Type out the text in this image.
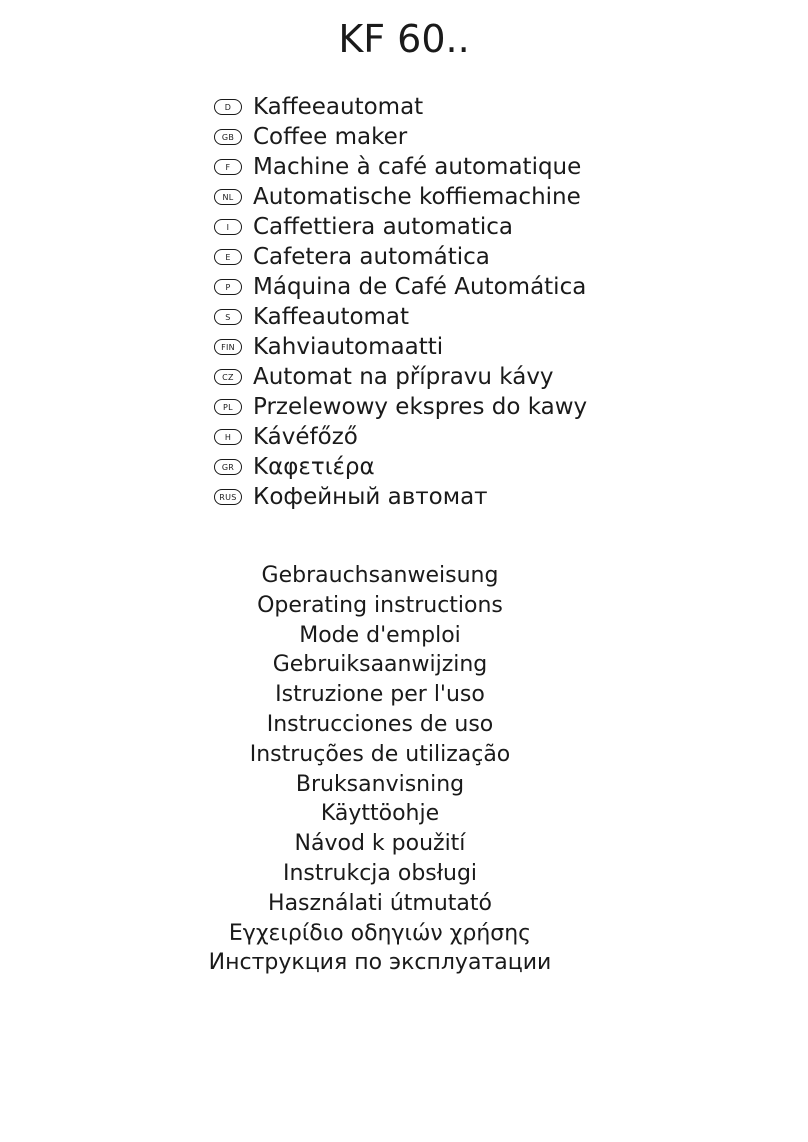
KF 60..
D Kaffeeautomat
GB Coffee maker
F Machine à café automatique
NL Automatische koffiemachine
I	Caffettiera automatica
E Cafetera automática
P Máquina de Café Automática
S Kaffeautomat
FIN Kahviautomaatti
CZ Automat na přípravu kávy
PL Przelewowy ekspres do kawy
H Kávéfőző
GR Καφετιέρα
RUS Кофейный автомат
Gebrauchsanweisung
Operating instructions
Mode d'emploi
Gebruiksaanwijzing
Istruzione per l'uso
Instrucciones de uso
Instruções de utilização
Bruksanvisning
Käyttöohje
Návod k použití
Instrukcja obsługi
Használati útmutató
Εγχειρίδιο οδηγιών χρήσης
Инструкция по эксплуатации
